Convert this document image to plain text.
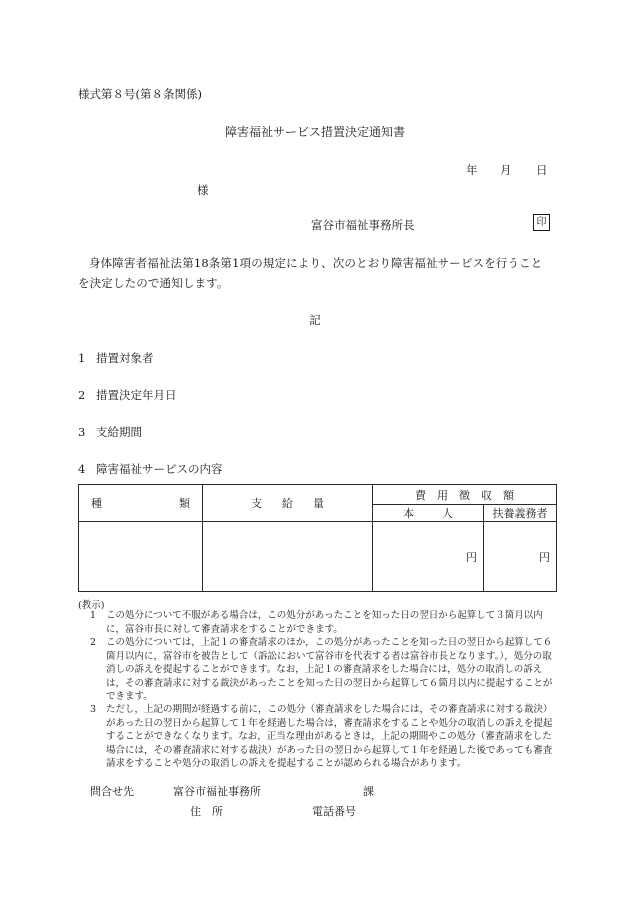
様式第８号(第８条関係)
障害福祉サービス措置決定通知書
年 月 日
様
富谷市福祉事務所長	印
身体障害者福祉法第18条第1項の規定により、次のとおり障害福祉サービスを行うことを決定したので通知します。
記
1 措置対象者
2 措置決定年月日
3 支給期間
4 障害福祉サービスの内容
種 類	支 給 量	費　用　徴　収　額	

		本 人	扶養義務者
		円	円
(教示)
1 この処分について不服がある場合は，この処分があったことを知った日の翌日から起算して３箇月以内に，富谷市長に対して審査請求をすることができます。
2 この処分については，上記１の審査請求のほか，この処分があったことを知った日の翌日から起算して６箇月以内に，富谷市を被告として（訴訟において富谷市を代表する者は富谷市長となります。），処分の取消しの訴えを提起することができます。なお，上記１の審査請求をした場合には，処分の取消しの訴えは，その審査請求に対する裁決があったことを知った日の翌日から起算して６箇月以内に提起することができます。
3 ただし，上記の期間が経過する前に，この処分（審査請求をした場合には，その審査請求に対する裁決）があった日の翌日から起算して１年を経過した場合は，審査請求をすることや処分の取消しの訴えを提起することができなくなります。なお，正当な理由があるときは，上記の期間やこの処分（審査請求をした場合には，その審査請求に対する裁決）があった日の翌日から起算して１年を経過した後であっても審査請求をすることや処分の取消しの訴えを提起することが認められる場合があります。
問合せ先	富谷市福祉事務所	課
住　所	電話番号
